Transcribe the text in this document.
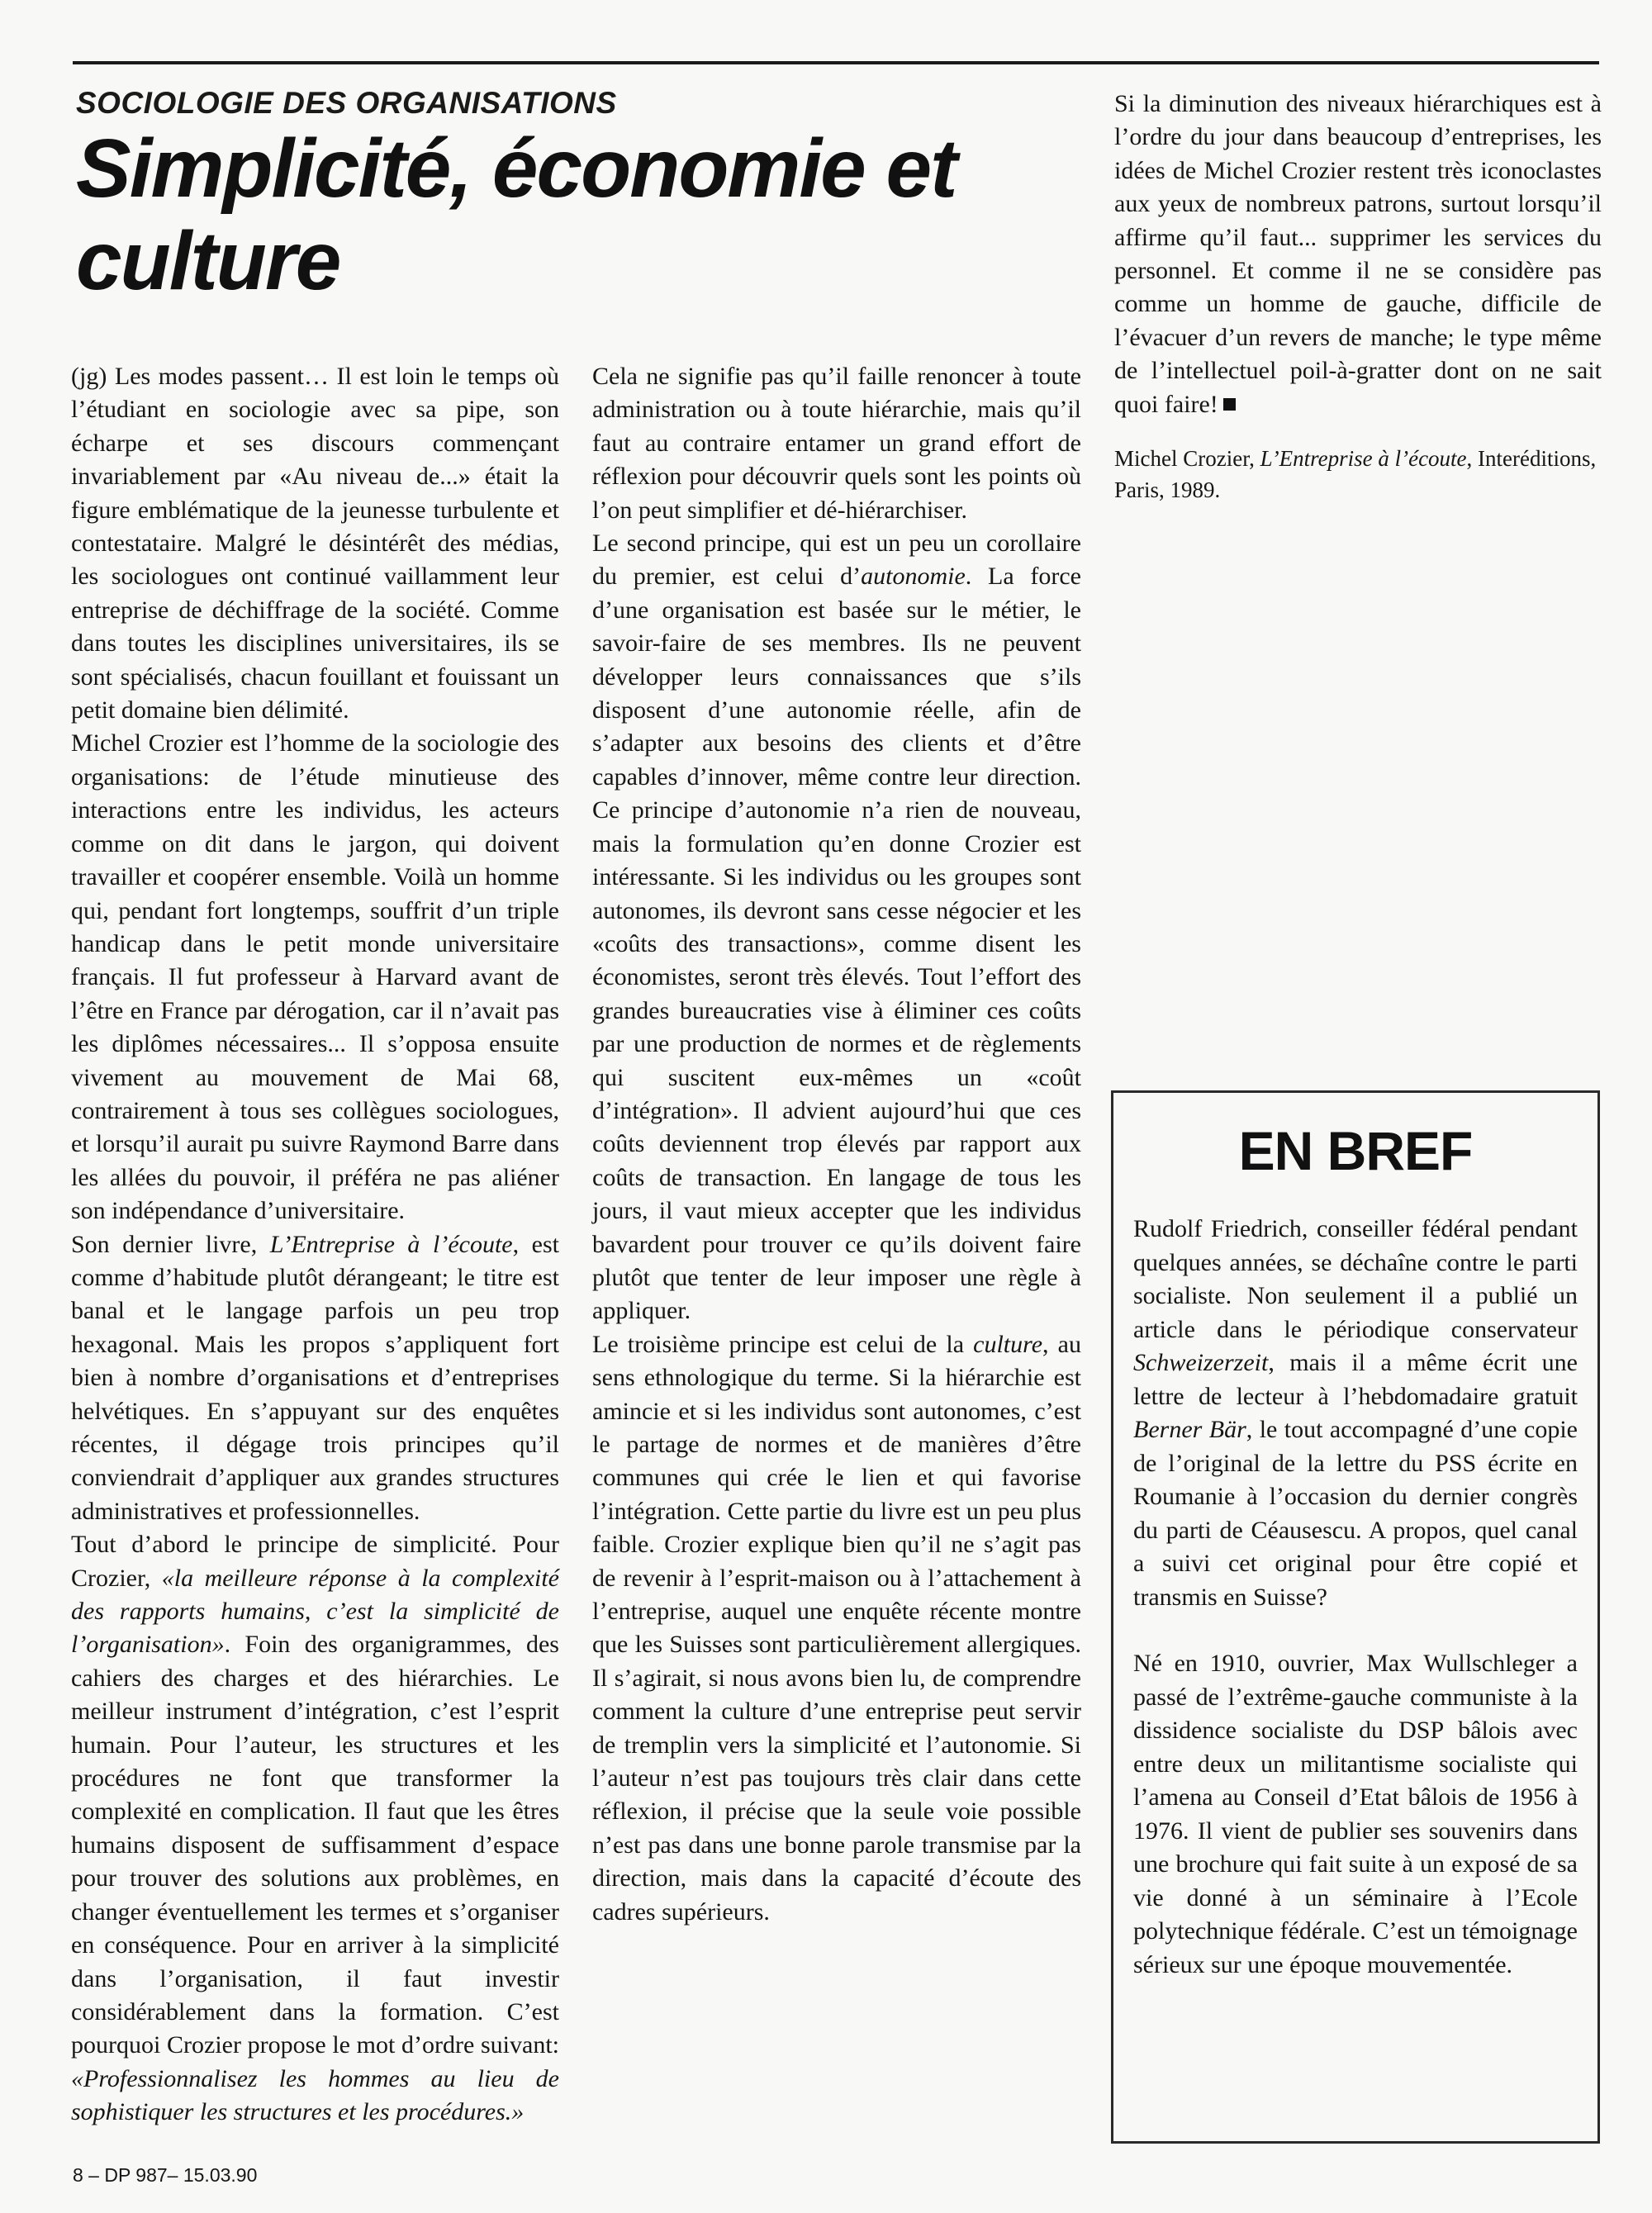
SOCIOLOGIE DES ORGANISATIONS
Simplicité, économie et culture

(jg) Les modes passent… Il est loin le temps où l’étudiant en sociologie avec sa pipe, son écharpe et ses discours commençant invariablement par «Au niveau de...» était la figure emblématique de la jeunesse turbulente et contestataire. Malgré le désintérêt des médias, les sociologues ont continué vaillamment leur entreprise de déchiffrage de la société. Comme dans toutes les disciplines universitaires, ils se sont spécialisés, chacun fouillant et fouissant un petit domaine bien délimité.

Michel Crozier est l’homme de la sociologie des organisations: de l’étude minutieuse des interactions entre les individus, les acteurs comme on dit dans le jargon, qui doivent travailler et coopérer ensemble. Voilà un homme qui, pendant fort longtemps, souffrit d’un triple handicap dans le petit monde universitaire français. Il fut professeur à Harvard avant de l’être en France par dérogation, car il n’avait pas les diplômes nécessaires... Il s’opposa ensuite vivement au mouvement de Mai 68, contrairement à tous ses collègues sociologues, et lorsqu’il aurait pu suivre Raymond Barre dans les allées du pouvoir, il préféra ne pas aliéner son indépendance d’universitaire.

Son dernier livre, L’Entreprise à l’écoute, est comme d’habitude plutôt dérangeant; le titre est banal et le langage parfois un peu trop hexagonal. Mais les propos s’appliquent fort bien à nombre d’organisations et d’entreprises helvétiques. En s’appuyant sur des enquêtes récentes, il dégage trois principes qu’il conviendrait d’appliquer aux grandes structures administratives et professionnelles.

Tout d’abord le principe de simplicité. Pour Crozier, «la meilleure réponse à la complexité des rapports humains, c’est la simplicité de l’organisation». Foin des organigrammes, des cahiers des charges et des hiérarchies. Le meilleur instrument d’intégration, c’est l’esprit humain. Pour l’auteur, les structures et les procédures ne font que transformer la complexité en complication. Il faut que les êtres humains disposent de suffisamment d’espace pour trouver des solutions aux problèmes, en changer éventuellement les termes et s’organiser en conséquence. Pour en arriver à la simplicité dans l’organisation, il faut investir considérablement dans la formation. C’est pourquoi Crozier propose le mot d’ordre suivant: «Professionnalisez les hommes au lieu de sophistiquer les structures et les procédures.»

Cela ne signifie pas qu’il faille renoncer à toute administration ou à toute hiérarchie, mais qu’il faut au contraire entamer un grand effort de réflexion pour découvrir quels sont les points où l’on peut simplifier et dé-hiérarchiser.

Le second principe, qui est un peu un corollaire du premier, est celui d’autonomie. La force d’une organisation est basée sur le métier, le savoir-faire de ses membres. Ils ne peuvent développer leurs connaissances que s’ils disposent d’une autonomie réelle, afin de s’adapter aux besoins des clients et d’être capables d’innover, même contre leur direction. Ce principe d’autonomie n’a rien de nouveau, mais la formulation qu’en donne Crozier est intéressante. Si les individus ou les groupes sont autonomes, ils devront sans cesse négocier et les «coûts des transactions», comme disent les économistes, seront très élevés. Tout l’effort des grandes bureaucraties vise à éliminer ces coûts par une production de normes et de règlements qui suscitent eux-mêmes un «coût d’intégration». Il advient aujourd’hui que ces coûts deviennent trop élevés par rapport aux coûts de transaction. En langage de tous les jours, il vaut mieux accepter que les individus bavardent pour trouver ce qu’ils doivent faire plutôt que tenter de leur imposer une règle à appliquer.

Le troisième principe est celui de la culture, au sens ethnologique du terme. Si la hiérarchie est amincie et si les individus sont autonomes, c’est le partage de normes et de manières d’être communes qui crée le lien et qui favorise l’intégration. Cette partie du livre est un peu plus faible. Crozier explique bien qu’il ne s’agit pas de revenir à l’esprit-maison ou à l’attachement à l’entreprise, auquel une enquête récente montre que les Suisses sont particulièrement allergiques. Il s’agirait, si nous avons bien lu, de comprendre comment la culture d’une entreprise peut servir de tremplin vers la simplicité et l’autonomie. Si l’auteur n’est pas toujours très clair dans cette réflexion, il précise que la seule voie possible n’est pas dans une bonne parole transmise par la direction, mais dans la capacité d’écoute des cadres supérieurs.

Si la diminution des niveaux hiérarchiques est à l’ordre du jour dans beaucoup d’entreprises, les idées de Michel Crozier restent très iconoclastes aux yeux de nombreux patrons, surtout lorsqu’il affirme qu’il faut... supprimer les services du personnel. Et comme il ne se considère pas comme un homme de gauche, difficile de l’évacuer d’un revers de manche; le type même de l’intellectuel poil-à-gratter dont on ne sait quoi faire!

Michel Crozier, L’Entreprise à l’écoute, Interéditions, Paris, 1989.

EN BREF

Rudolf Friedrich, conseiller fédéral pendant quelques années, se déchaîne contre le parti socialiste. Non seulement il a publié un article dans le périodique conservateur Schweizerzeit, mais il a même écrit une lettre de lecteur à l’hebdomadaire gratuit Berner Bär, le tout accompagné d’une copie de l’original de la lettre du PSS écrite en Roumanie à l’occasion du dernier congrès du parti de Céausescu. A propos, quel canal a suivi cet original pour être copié et transmis en Suisse?

Né en 1910, ouvrier, Max Wullschleger a passé de l’extrême-gauche communiste à la dissidence socialiste du DSP bâlois avec entre deux un militantisme socialiste qui l’amena au Conseil d’Etat bâlois de 1956 à 1976. Il vient de publier ses souvenirs dans une brochure qui fait suite à un exposé de sa vie donné à un séminaire à l’Ecole polytechnique fédérale. C’est un témoignage sérieux sur une époque mouvementée.

8 – DP 987– 15.03.90
